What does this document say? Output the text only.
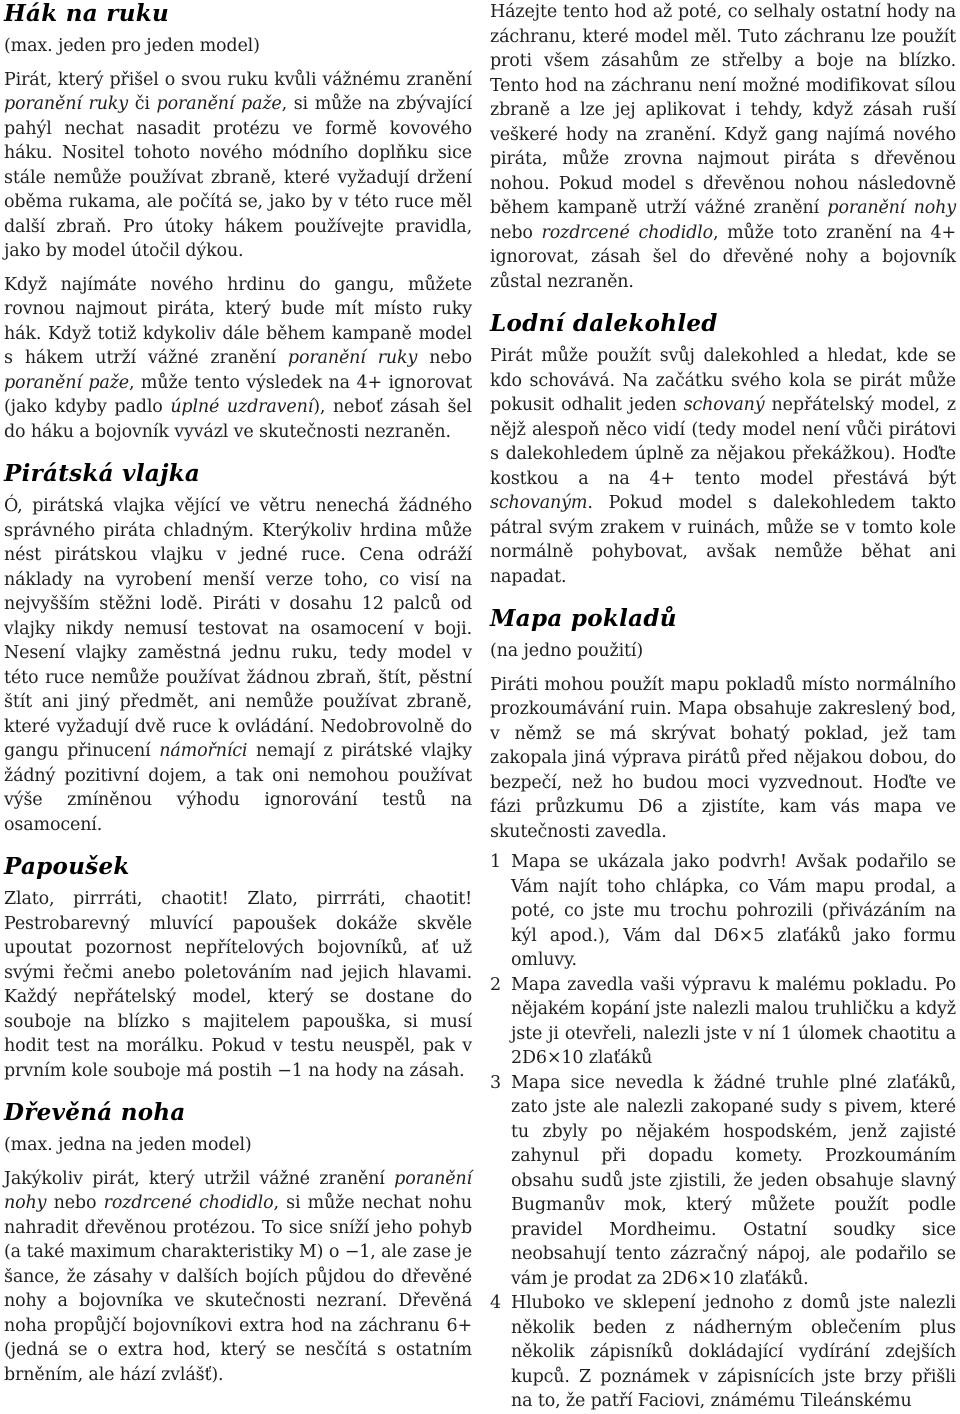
Hák na ruku

(max. jeden pro jeden model)

Pirát, který přišel o svou ruku kvůli vážnému zranění poranění ruky či poranění paže, si může na zbývající pahýl nechat nasadit protézu ve formě kovového háku. Nositel tohoto nového módního doplňku sice stále nemůže používat zbraně, které vyžadují držení oběma rukama, ale počítá se, jako by v této ruce měl další zbraň. Pro útoky hákem používejte pravidla, jako by model útočil dýkou.

Když najímáte nového hrdinu do gangu, můžete rovnou najmout piráta, který bude mít místo ruky hák. Když totiž kdykoliv dále během kampaně model s hákem utrží vážné zranění poranění ruky nebo poranění paže, může tento výsledek na 4+ ignorovat (jako kdyby padlo úplné uzdravení), neboť zásah šel do háku a bojovník vyvázl ve skutečnosti nezraněn.

Pirátská vlajka

Ó, pirátská vlajka vějící ve větru nenechá žádného správného piráta chladným. Kterýkoliv hrdina může nést pirátskou vlajku v jedné ruce. Cena odráží náklady na vyrobení menší verze toho, co visí na nejvyšším stěžni lodě. Piráti v dosahu 12 palců od vlajky nikdy nemusí testovat na osamocení v boji. Nesení vlajky zaměstná jednu ruku, tedy model v této ruce nemůže používat žádnou zbraň, štít, pěstní štít ani jiný předmět, ani nemůže používat zbraně, které vyžadují dvě ruce k ovládání. Nedobrovolně do gangu přinucení námořníci nemají z pirátské vlajky žádný pozitivní dojem, a tak oni nemohou používat výše zmíněnou výhodu ignorování testů na osamocení.

Papoušek

Zlato, pirrráti, chaotit! Zlato, pirrráti, chaotit! Pestrobarevný mluvící papoušek dokáže skvěle upoutat pozornost nepřítelových bojovníků, ať už svými řečmi anebo poletováním nad jejich hlavami. Každý nepřátelský model, který se dostane do souboje na blízko s majitelem papouška, si musí hodit test na morálku. Pokud v testu neuspěl, pak v prvním kole souboje má postih −1 na hody na zásah.

Dřevěná noha

(max. jedna na jeden model)

Jakýkoliv pirát, který utržil vážné zranění poranění nohy nebo rozdrcené chodidlo, si může nechat nohu nahradit dřevěnou protézou. To sice sníží jeho pohyb (a také maximum charakteristiky M) o −1, ale zase je šance, že zásahy v dalších bojích půjdou do dřevěné nohy a bojovníka ve skutečnosti nezraní. Dřevěná noha propůjčí bojovníkovi extra hod na záchranu 6+ (jedná se o extra hod, který se nesčítá s ostatním brněním, ale hází zvlášť).

Házejte tento hod až poté, co selhaly ostatní hody na záchranu, které model měl. Tuto záchranu lze použít proti všem zásahům ze střelby a boje na blízko. Tento hod na záchranu není možné modifikovat sílou zbraně a lze jej aplikovat i tehdy, když zásah ruší veškeré hody na zranění. Když gang najímá nového piráta, může zrovna najmout piráta s dřevěnou nohou. Pokud model s dřevěnou nohou následovně během kampaně utrží vážné zranění poranění nohy nebo rozdrcené chodidlo, může toto zranění na 4+ ignorovat, zásah šel do dřevěné nohy a bojovník zůstal nezraněn.

Lodní dalekohled

Pirát může použít svůj dalekohled a hledat, kde se kdo schovává. Na začátku svého kola se pirát může pokusit odhalit jeden schovaný nepřátelský model, z nějž alespoň něco vidí (tedy model není vůči pirátovi s dalekohledem úplně za nějakou překážkou). Hoďte kostkou a na 4+ tento model přestává být schovaným. Pokud model s dalekohledem takto pátral svým zrakem v ruinách, může se v tomto kole normálně pohybovat, avšak nemůže běhat ani napadat.

Mapa pokladů

(na jedno použití)

Piráti mohou použít mapu pokladů místo normálního prozkoumávání ruin. Mapa obsahuje zakreslený bod, v němž se má skrývat bohatý poklad, jež tam zakopala jiná výprava pirátů před nějakou dobou, do bezpečí, než ho budou moci vyzvednout. Hoďte ve fázi průzkumu D6 a zjistíte, kam vás mapa ve skutečnosti zavedla.

1 Mapa se ukázala jako podvrh! Avšak podařilo se Vám najít toho chlápka, co Vám mapu prodal, a poté, co jste mu trochu pohrozili (přivázáním na kýl apod.), Vám dal D6×5 zlaťáků jako formu omluvy.
2 Mapa zavedla vaši výpravu k malému pokladu. Po nějakém kopání jste nalezli malou truhličku a když jste ji otevřeli, nalezli jste v ní 1 úlomek chaotitu a 2D6×10 zlaťáků
3 Mapa sice nevedla k žádné truhle plné zlaťáků, zato jste ale nalezli zakopané sudy s pivem, které tu zbyly po nějakém hospodském, jenž zajisté zahynul při dopadu komety. Prozkoumáním obsahu sudů jste zjistili, že jeden obsahuje slavný Bugmanův mok, který můžete použít podle pravidel Mordheimu. Ostatní soudky sice neobsahují tento zázračný nápoj, ale podařilo se vám je prodat za 2D6×10 zlaťáků.
4 Hluboko ve sklepení jednoho z domů jste nalezli několik beden z nádherným oblečením plus několik zápisníků dokládající vydírání zdejších kupců. Z poznámek v zápisnících jste brzy přišli na to, že patří Faciovi, známému Tileánskému
